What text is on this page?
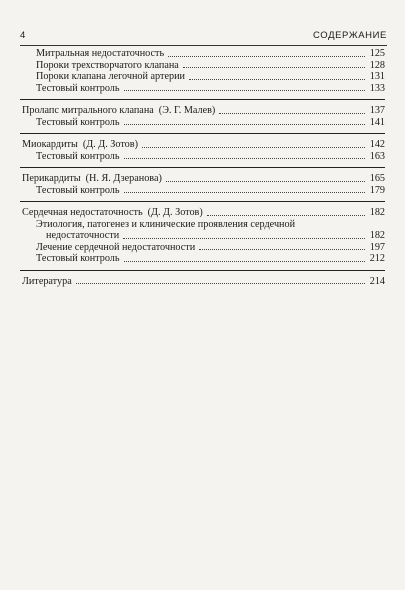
4	СОДЕРЖАНИЕ
Митральная недостаточность	125
Пороки трехстворчатого клапана	128
Пороки клапана легочной артерии	131
Тестовый контроль	133
Пролапс митрального клапана (Э. Г. Малев)	137
Тестовый контроль	141
Миокардиты (Д. Д. Зотов)	142
Тестовый контроль	163
Перикардиты (Н. Я. Дзеранова)	165
Тестовый контроль	179
Сердечная недостаточность (Д. Д. Зотов)	182
Этиология, патогенез и клинические проявления сердечной
недостаточности	182
Лечение сердечной недостаточности	197
Тестовый контроль	212
Литература	214
